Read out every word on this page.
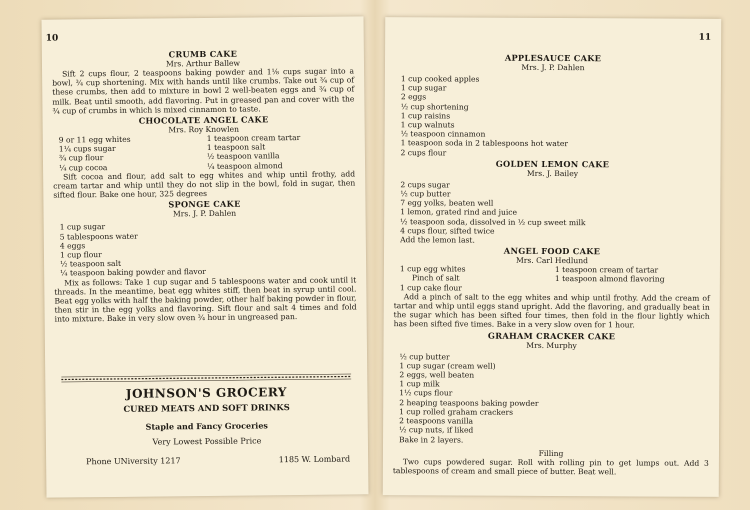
10
CRUMB CAKE
Mrs. Arthur Ballew

Sift 2 cups flour, 2 teaspoons baking powder and 1⅛ cups sugar into a bowl, ¾ cup shortening. Mix with hands until like crumbs. Take out ¾ cup of these crumbs, then add to mixture in bowl 2 well-beaten eggs and ¾ cup of milk. Beat until smooth, add flavoring. Put in greased pan and cover with the ¾ cup of crumbs in which is mixed cinnamon to taste.

CHOCOLATE ANGEL CAKE
Mrs. Roy Knowlen
9 or 11 egg whites
1¼ cups sugar
¾ cup flour
¼ cup cocoa
1 teaspoon cream tartar
1 teaspoon salt
½ teaspoon vanilla
¼ teaspoon almond

Sift cocoa and flour, add salt to egg whites and whip until frothy, add cream tartar and whip until they do not slip in the bowl, fold in sugar, then sifted flour. Bake one hour, 325 degrees

SPONGE CAKE
Mrs. J. P. Dahlen
1 cup sugar
5 tablespoons water
4 eggs
1 cup flour
½ teaspoon salt
¼ teaspoon baking powder and flavor

Mix as follows: Take 1 cup sugar and 5 tablespoons water and cook until it threads. In the meantime, beat egg whites stiff, then beat in syrup until cool. Beat egg yolks with half the baking powder, other half baking powder in flour, then stir in the egg yolks and flavoring. Sift flour and salt 4 times and fold into mixture. Bake in very slow oven ¾ hour in ungreased pan.

JOHNSON'S GROCERY
CURED MEATS AND SOFT DRINKS
Staple and Fancy Groceries
Very Lowest Possible Price
Phone UNiversity 1217	1185 W. Lombard
11
APPLESAUCE CAKE
Mrs. J. P. Dahlen
1 cup cooked apples
1 cup sugar
2 eggs
½ cup shortening
1 cup raisins
1 cup walnuts
½ teaspoon cinnamon
1 teaspoon soda in 2 tablespoons hot water
2 cups flour
GOLDEN LEMON CAKE
Mrs. J. Bailey
2 cups sugar
½ cup butter
7 egg yolks, beaten well
1 lemon, grated rind and juice
½ teaspoon soda, dissolved in ½ cup sweet milk
4 cups flour, sifted twice
Add the lemon last.
ANGEL FOOD CAKE
Mrs. Carl Hedlund
1 cup egg whites
Pinch of salt
1 cup cake flour
1 teaspoon cream of tartar
1 teaspoon almond flavoring

Add a pinch of salt to the egg whites and whip until frothy. Add the cream of tartar and whip until eggs stand upright. Add the flavoring, and gradually beat in the sugar which has been sifted four times, then fold in the flour lightly which has been sifted five times. Bake in a very slow oven for 1 hour.

GRAHAM CRACKER CAKE
Mrs. Murphy
½ cup butter
1 cup sugar (cream well)
2 eggs, well beaten
1 cup milk
1½ cups flour
2 heaping teaspoons baking powder
1 cup rolled graham crackers
2 teaspoons vanilla
½ cup nuts, if liked
Bake in 2 layers.
Filling

Two cups powdered sugar. Roll with rolling pin to get lumps out. Add 3 tablespoons of cream and small piece of butter. Beat well.
